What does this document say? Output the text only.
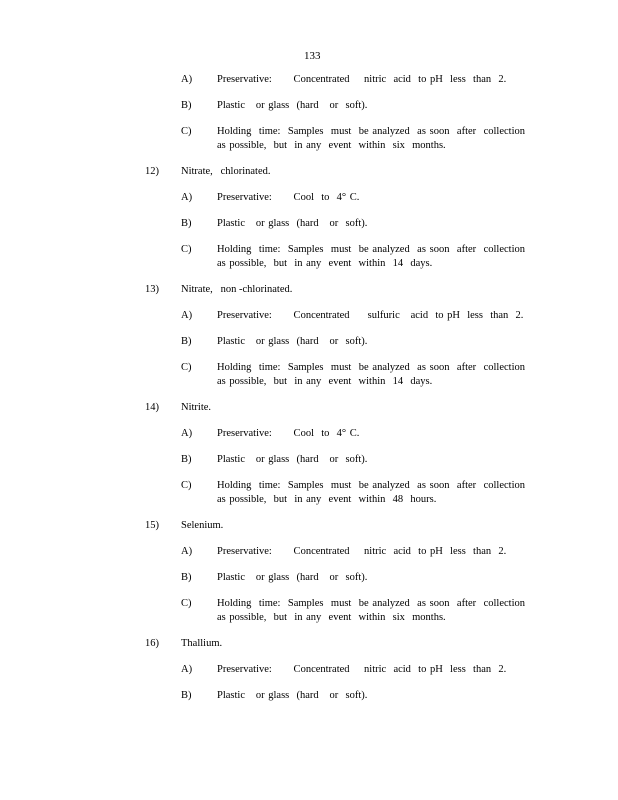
133
A) Preservative:      Concentrated    nitric  acid  to pH  less  than  2.
B) Plastic   or glass  (hard   or  soft).
C) Holding  time:  Samples  must  be analyzed  as soon  after  collection as possible,  but  in any  event  within  six  months.
12) Nitrate,   chlorinated.
A) Preservative:      Cool  to  4° C.
B) Plastic   or glass  (hard   or  soft).
C) Holding  time:  Samples  must  be analyzed  as soon  after  collection as possible,  but  in any  event  within  14  days.
13) Nitrate,   non -chlorinated.
A) Preservative:      Concentrated     sulfuric   acid  to pH  less  than  2.
B) Plastic   or glass  (hard   or  soft).
C) Holding  time:  Samples  must  be analyzed  as soon  after  collection as possible,  but  in any  event  within  14  days.
14) Nitrite.
A) Preservative:      Cool  to  4° C.
B) Plastic   or glass  (hard   or  soft).
C) Holding  time:  Samples  must  be analyzed  as soon  after  collection as possible,  but  in any  event  within  48  hours.
15) Selenium.
A) Preservative:      Concentrated    nitric  acid  to pH  less  than  2.
B) Plastic   or glass  (hard   or  soft).
C) Holding  time:  Samples  must  be analyzed  as soon  after  collection as possible,  but  in any  event  within  six  months.
16) Thallium.
A) Preservative:      Concentrated    nitric  acid  to pH  less  than  2.
B) Plastic   or glass  (hard   or  soft).
